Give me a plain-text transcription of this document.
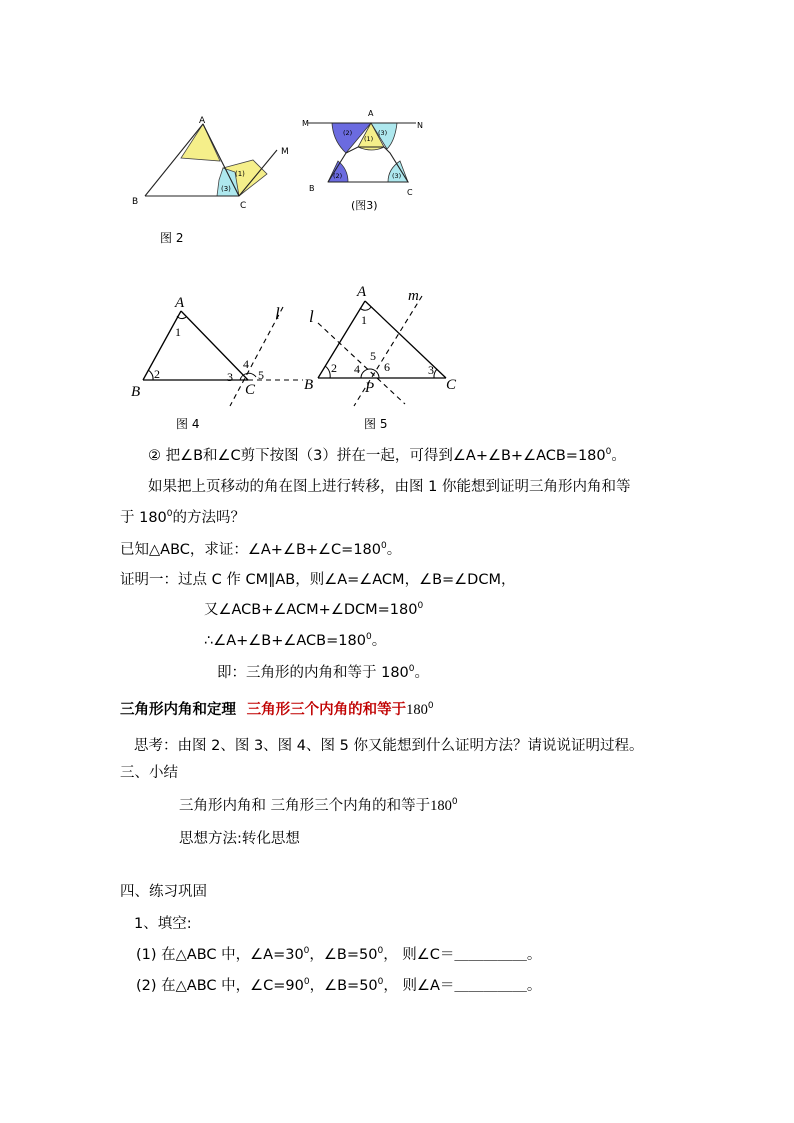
A
B	C
M
(1)
(3)
图 2
A
M	N
B	C
(2)
(1)
(3)
(2)	(3)
(图3)
A
B	C
l
1
2	3
4
5
图 4
A
B	C
P
l
m
1
2	3
4
5
6
图 5
② 把∠B和∠C剪下按图（3）拼在一起，可得到$\angle A+\angle B+\angle ACB=180^0$。
如果把上页移动的角在图上进行转移，由图 1 你能想到证明三角形内角和等
于 $180^0$的方法吗？
已知△ABC，求证：$\angle A+\angle B+\angle C=180^0$。
证明一：过点 C 作 CM∥AB，则∠A=∠ACM，∠B=∠DCM，
又$\angle ACB+\angle ACM+\angle DCM=180^0$
$\therefore\angle A+\angle B+\angle ACB=180^0$。
即：三角形的内角和等于 $180^0$。
三角形内角和定理 三角形三个内角的和等于$180^0$
思考：由图 2、图 3、图 4、图 5 你又能想到什么证明方法？请说说证明过程。
三、小结
三角形内角和 三角形三个内角的和等于$180^0$
思想方法:转化思想
四、练习巩固
1、填空:
(1) 在△ABC 中，$\angle A=30^0$，$\angle B=50^0$， 则∠C＝＿＿＿＿＿。
(2) 在△ABC 中，$\angle C=90^0$，$\angle B=50^0$， 则∠A＝＿＿＿＿＿。
